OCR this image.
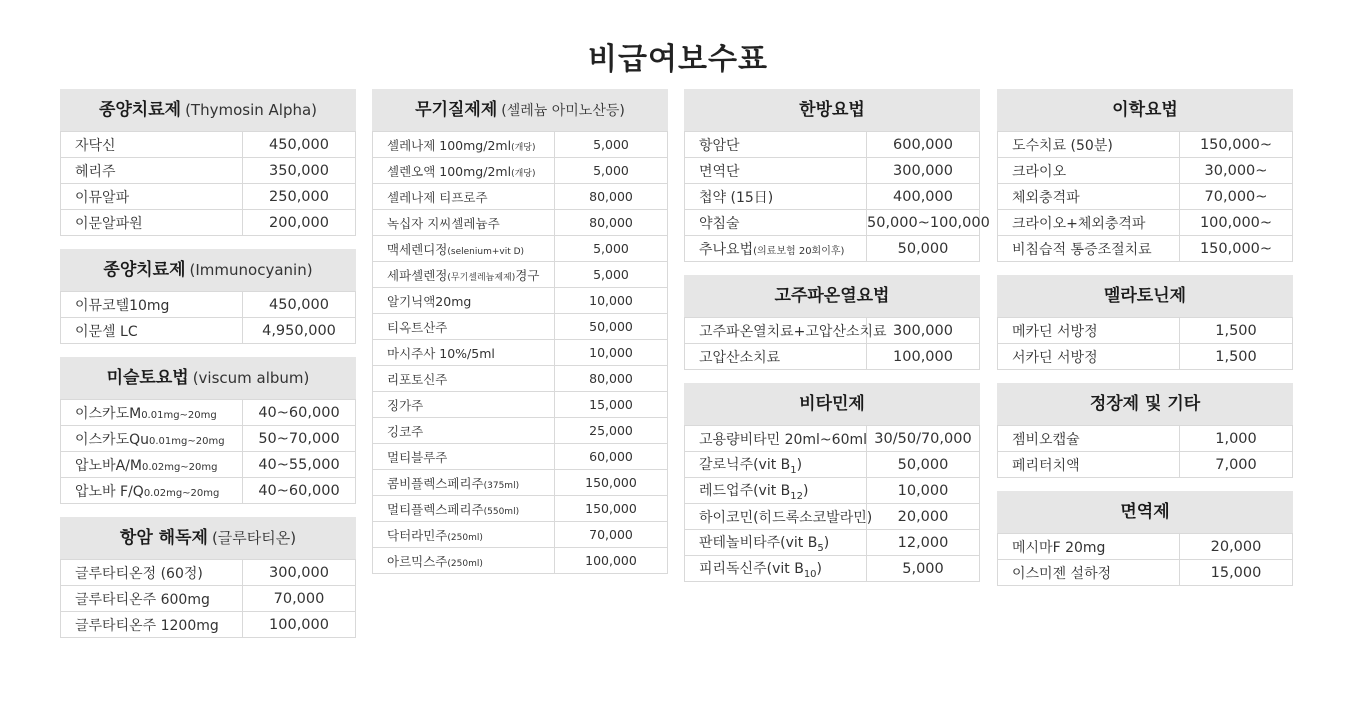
비급여보수표
종양치료제 (Thymosin Alpha)
자닥신	450,000
헤리주	350,000
이뮤알파	250,000
이문알파원	200,000
종양치료제 (Immunocyanin)
이뮤코텔10mg	450,000
이문셀 LC	4,950,000
미슬토요법 (viscum album)
이스카도M0.01mg~20mg	40~60,000
이스카도Qu0.01mg~20mg	50~70,000
압노바A/M0.02mg~20mg	40~55,000
압노바 F/Q0.02mg~20mg	40~60,000
항암 해독제 (글루타티온)
글루타티온정 (60정)	300,000
글루타티온주 600mg	70,000
글루타티온주 1200mg	100,000
무기질제제 (셀레늄 아미노산등)
셀레나제 100mg/2ml(개당)	5,000
셀렌오액 100mg/2ml(개당)	5,000
셀레나제 티프로주	80,000
녹십자 지씨셀레늄주	80,000
맥세렌디정(selenium+vit D)	5,000
세파셀렌정(무기셀레늄제제)경구	5,000
알기닉액20mg	10,000
티옥트산주	50,000
마시주사 10%/5ml	10,000
리포토신주	80,000
징가주	15,000
깅코주	25,000
멀티블루주	60,000
콤비플렉스페리주(375ml)	150,000
멀티플렉스페리주(550ml)	150,000
닥터라민주(250ml)	70,000
아르믹스주(250ml)	100,000
한방요법
항암단	600,000
면역단	300,000
첩약 (15日)	400,000
약침술	50,000~100,000
추나요법(의료보험 20회이후)	50,000
고주파온열요법
고주파온열치료+고압산소치료	300,000
고압산소치료	100,000
비타민제
고용량비타민 20ml~60ml	30/50/70,000
갈로닉주(vit $B_1$)	50,000
레드업주(vit $B_{12}$)	10,000
하이코민(히드록소코발라민)	20,000
판테놀비타주(vit $B_5$)	12,000
피리독신주(vit $B_{10}$)	5,000
이학요법
도수치료 (50분)	150,000~
크라이오	30,000~
체외충격파	70,000~
크라이오+체외충격파	100,000~
비침습적 통증조절치료	150,000~
멜라토닌제
메카딘 서방정	1,500
서카딘 서방정	1,500
정장제 및 기타
젬비오캡슐	1,000
페리터치액	7,000
면역제
메시마F 20mg	20,000
이스미젠 설하정	15,000
